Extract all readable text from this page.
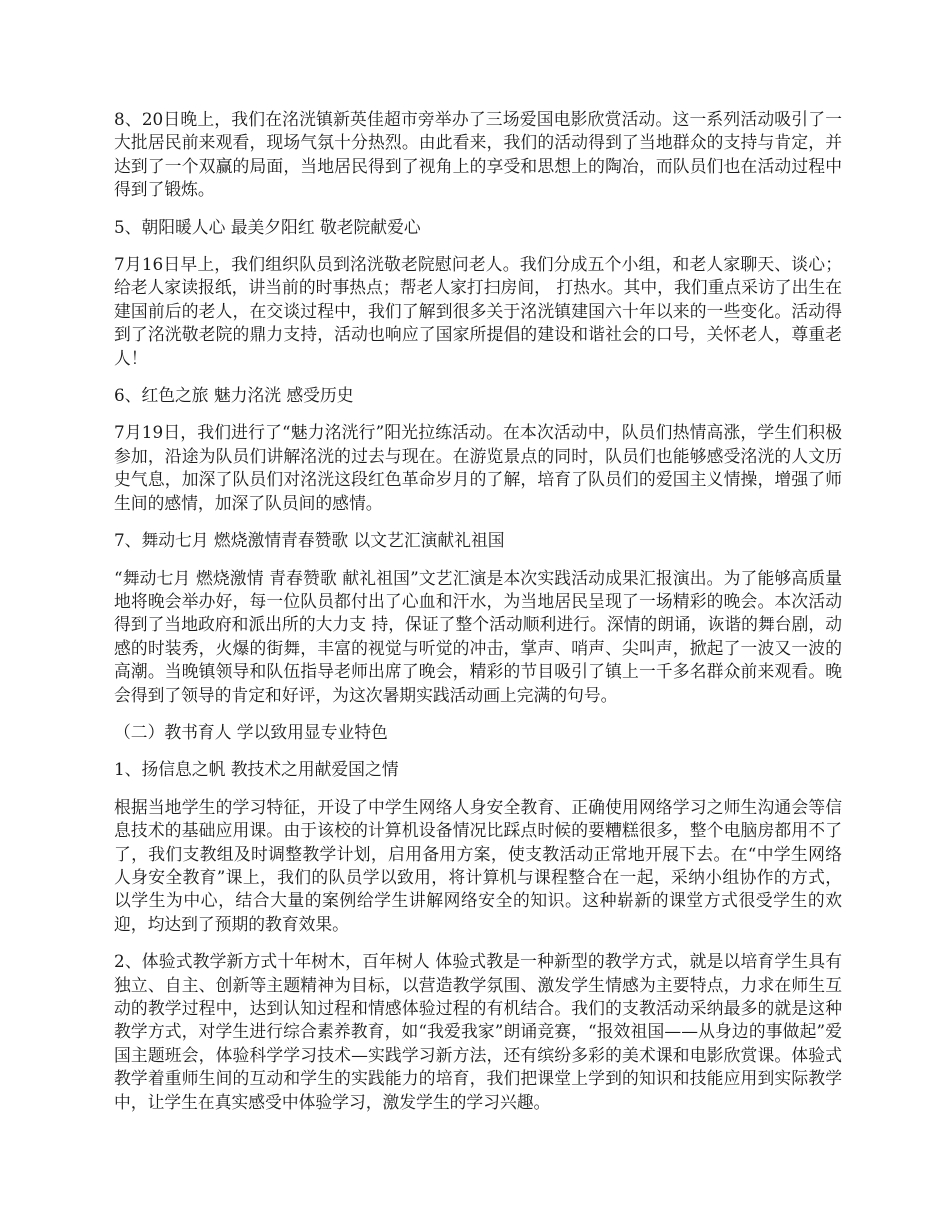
8、20日晚上，我们在洺洸镇新英佳超市旁举办了三场爱国电影欣赏活动。这一系列活动吸引了一大批居民前来观看，现场气氛十分热烈。由此看来，我们的活动得到了当地群众的支持与肯定，并达到了一个双赢的局面，当地居民得到了视角上的享受和思想上的陶冶，而队员们也在活动过程中得到了锻炼。

5、朝阳暖人心 最美夕阳红 敬老院献爱心

7月16日早上，我们组织队员到洺洸敬老院慰问老人。我们分成五个小组，和老人家聊天、谈心；给老人家读报纸，讲当前的时事热点；帮老人家打扫房间， 打热水。其中，我们重点采访了出生在建国前后的老人，在交谈过程中，我们了解到很多关于洺洸镇建国六十年以来的一些变化。活动得到了洺洸敬老院的鼎力支持，活动也响应了国家所提倡的建设和谐社会的口号，关怀老人，尊重老人！

6、红色之旅 魅力洺洸 感受历史

7月19日，我们进行了“魅力洺洸行”阳光拉练活动。在本次活动中，队员们热情高涨，学生们积极参加，沿途为队员们讲解洺洸的过去与现在。在游览景点的同时，队员们也能够感受洺洸的人文历史气息，加深了队员们对洺洸这段红色革命岁月的了解，培育了队员们的爱国主义情操，增强了师生间的感情，加深了队员间的感情。

7、舞动七月 燃烧激情青春赞歌 以文艺汇演献礼祖国

“舞动七月 燃烧激情 青春赞歌 献礼祖国”文艺汇演是本次实践活动成果汇报演出。为了能够高质量地将晚会举办好，每一位队员都付出了心血和汗水，为当地居民呈现了一场精彩的晚会。本次活动得到了当地政府和派出所的大力支 持，保证了整个活动顺利进行。深情的朗诵，诙谐的舞台剧，动感的时装秀，火爆的街舞，丰富的视觉与听觉的冲击，掌声、哨声、尖叫声，掀起了一波又一波的高潮。当晚镇领导和队伍指导老师出席了晚会，精彩的节目吸引了镇上一千多名群众前来观看。晚会得到了领导的肯定和好评，为这次暑期实践活动画上完满的句号。

（二）教书育人 学以致用显专业特色

1、扬信息之帆 教技术之用献爱国之情

根据当地学生的学习特征，开设了中学生网络人身安全教育、正确使用网络学习之师生沟通会等信息技术的基础应用课。由于该校的计算机设备情况比踩点时候的要糟糕很多，整个电脑房都用不了了，我们支教组及时调整教学计划，启用备用方案，使支教活动正常地开展下去。在“中学生网络人身安全教育”课上，我们的队员学以致用，将计算机与课程整合在一起，采纳小组协作的方式，以学生为中心，结合大量的案例给学生讲解网络安全的知识。这种崭新的课堂方式很受学生的欢迎，均达到了预期的教育效果。

2、体验式教学新方式十年树木，百年树人 体验式教是一种新型的教学方式，就是以培育学生具有独立、自主、创新等主题精神为目标，以营造教学氛围、激发学生情感为主要特点，力求在师生互动的教学过程中，达到认知过程和情感体验过程的有机结合。我们的支教活动采纳最多的就是这种教学方式，对学生进行综合素养教育，如“我爱我家”朗诵竞赛，“报效祖国——从身边的事做起”爱国主题班会，体验科学学习技术—实践学习新方法，还有缤纷多彩的美术课和电影欣赏课。体验式教学着重师生间的互动和学生的实践能力的培育，我们把课堂上学到的知识和技能应用到实际教学中，让学生在真实感受中体验学习，激发学生的学习兴趣。
